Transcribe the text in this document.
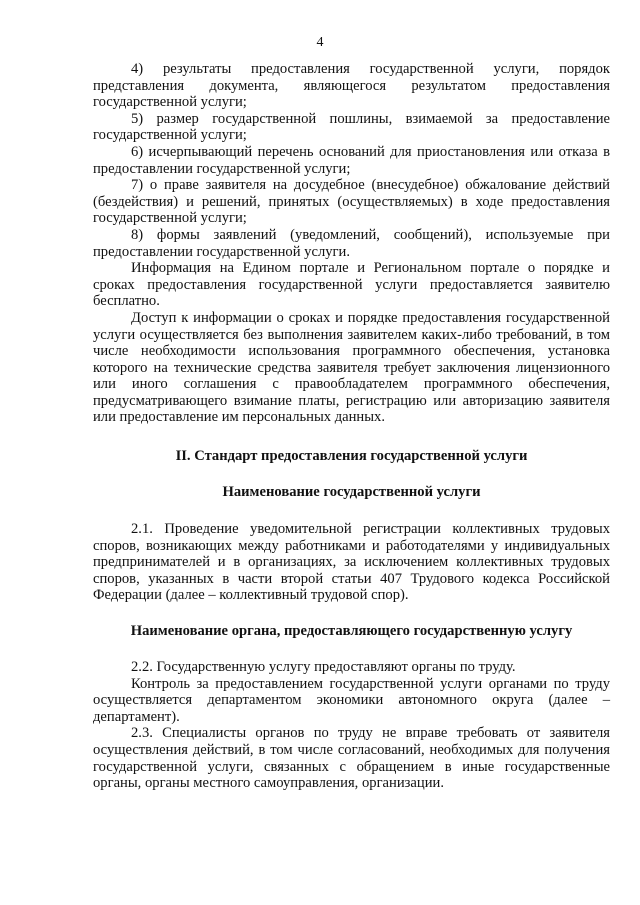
4

4) результаты предоставления государственной услуги, порядок представления документа, являющегося результатом предоставления государственной услуги;

5) размер государственной пошлины, взимаемой за предоставление государственной услуги;

6) исчерпывающий перечень оснований для приостановления или отказа в предоставлении государственной услуги;

7) о праве заявителя на досудебное (внесудебное) обжалование действий (бездействия) и решений, принятых (осуществляемых) в ходе предоставления государственной услуги;

8) формы заявлений (уведомлений, сообщений), используемые при предоставлении государственной услуги.

Информация на Едином портале и Региональном портале о порядке и сроках предоставления государственной услуги предоставляется заявителю бесплатно.

Доступ к информации о сроках и порядке предоставления государственной услуги осуществляется без выполнения заявителем каких-либо требований, в том числе необходимости использования программного обеспечения, установка которого на технические средства заявителя требует заключения лицензионного или иного соглашения с правообладателем программного обеспечения, предусматривающего взимание платы, регистрацию или авторизацию заявителя или предоставление им персональных данных.

II. Стандарт предоставления государственной услуги
Наименование государственной услуги

2.1. Проведение уведомительной регистрации коллективных трудовых споров, возникающих между работниками и работодателями у индивидуальных предпринимателей и в организациях, за исключением коллективных трудовых споров, указанных в части второй статьи 407 Трудового кодекса Российской Федерации (далее – коллективный трудовой спор).

Наименование органа, предоставляющего государственную услугу

2.2. Государственную услугу предоставляют органы по труду.

Контроль за предоставлением государственной услуги органами по труду осуществляется департаментом экономики автономного округа (далее – департамент).

2.3. Специалисты органов по труду не вправе требовать от заявителя осуществления действий, в том числе согласований, необходимых для получения государственной услуги, связанных с обращением в иные государственные органы, органы местного самоуправления, организации.
